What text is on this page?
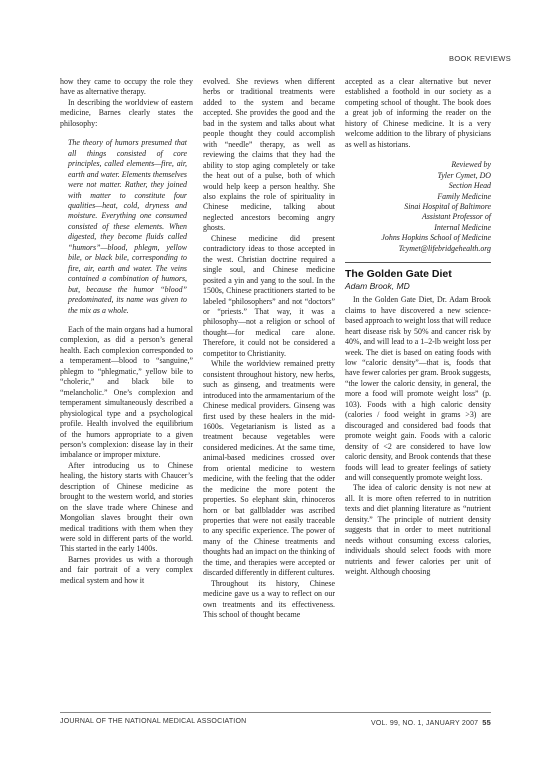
BOOK REVIEWS

how they came to occupy the role they have as alternative therapy.

In describing the worldview of eastern medicine, Barnes clearly states the philosophy:

The theory of humors presumed that all things consisted of core principles, called elements—fire, air, earth and water. Elements themselves were not matter. Rather, they joined with matter to constitute four qualities—heat, cold, dryness and moisture. Everything one consumed consisted of these elements. When digested, they become fluids called “humors”—blood, phlegm, yellow bile, or black bile, corresponding to fire, air, earth and water. The veins contained a combination of humors, but, because the humor “blood” predominated, its name was given to the mix as a whole.

Each of the main organs had a humoral complexion, as did a person’s general health. Each complexion corresponded to a temperament—blood to “sanguine,” phlegm to “phlegmatic,” yellow bile to “choleric,” and black bile to “melancholic.” One’s complexion and temperament simultaneously described a physiological type and a psychological profile. Health involved the equilibrium of the humors appropriate to a given person’s complexion: disease lay in their imbalance or improper mixture.

After introducing us to Chinese healing, the history starts with Chaucer’s description of Chinese medicine as brought to the western world, and stories on the slave trade where Chinese and Mongolian slaves brought their own medical traditions with them when they were sold in different parts of the world. This started in the early 1400s.

Barnes provides us with a thorough and fair portrait of a very complex medical system and how it

evolved. She reviews when different herbs or traditional treatments were added to the system and became accepted. She provides the good and the bad in the system and talks about what people thought they could accomplish with “needle” therapy, as well as reviewing the claims that they had the ability to stop aging completely or take the heat out of a pulse, both of which would help keep a person healthy. She also explains the role of spirituality in Chinese medicine, talking about neglected ancestors becoming angry ghosts.

Chinese medicine did present contradictory ideas to those accepted in the west. Christian doctrine required a single soul, and Chinese medicine posited a yin and yang to the soul. In the 1500s, Chinese practitioners started to be labeled “philosophers” and not “doctors” or “priests.” That way, it was a philosophy—not a religion or school of thought—for medical care alone. Therefore, it could not be considered a competitor to Christianity.

While the worldview remained pretty consistent throughout history, new herbs, such as ginseng, and treatments were introduced into the armamentarium of the Chinese medical providers. Ginseng was first used by these healers in the mid-1600s. Vegetarianism is listed as a treatment because vegetables were considered medicines. At the same time, animal-based medicines crossed over from oriental medicine to western medicine, with the feeling that the odder the medicine the more potent the properties. So elephant skin, rhinoceros horn or bat gallbladder was ascribed properties that were not easily traceable to any specific experience. The power of many of the Chinese treatments and thoughts had an impact on the thinking of the time, and therapies were accepted or discarded differently in different cultures.

Throughout its history, Chinese medicine gave us a way to reflect on our own treatments and its effectiveness. This school of thought became

accepted as a clear alternative but never established a foothold in our society as a competing school of thought. The book does a great job of informing the reader on the history of Chinese medicine. It is a very welcome addition to the library of physicians as well as historians.

Reviewed by
Tyler Cymet, DO
Section Head
Family Medicine
Sinai Hospital of Baltimore
Assistant Professor of
Internal Medicine
Johns Hopkins School of Medicine
Tcymet@lifebridgehealth.org

The Golden Gate Diet

Adam Brook, MD

In the Golden Gate Diet, Dr. Adam Brook claims to have discovered a new science-based approach to weight loss that will reduce heart disease risk by 50% and cancer risk by 40%, and will lead to a 1–2-lb weight loss per week. The diet is based on eating foods with low “caloric density”—that is, foods that have fewer calories per gram. Brook suggests, “the lower the caloric density, in general, the more a food will promote weight loss” (p. 103). Foods with a high caloric density (calories / food weight in grams >3) are discouraged and considered bad foods that promote weight gain. Foods with a caloric density of <2 are considered to have low caloric density, and Brook contends that these foods will lead to greater feelings of satiety and will consequently promote weight loss.

The idea of caloric density is not new at all. It is more often referred to in nutrition texts and diet planning literature as “nutrient density.” The principle of nutrient density suggests that in order to meet nutritional needs without consuming excess calories, individuals should select foods with more nutrients and fewer calories per unit of weight. Although choosing

JOURNAL OF THE NATIONAL MEDICAL ASSOCIATION	VOL. 99, NO. 1, JANUARY 2007 55
